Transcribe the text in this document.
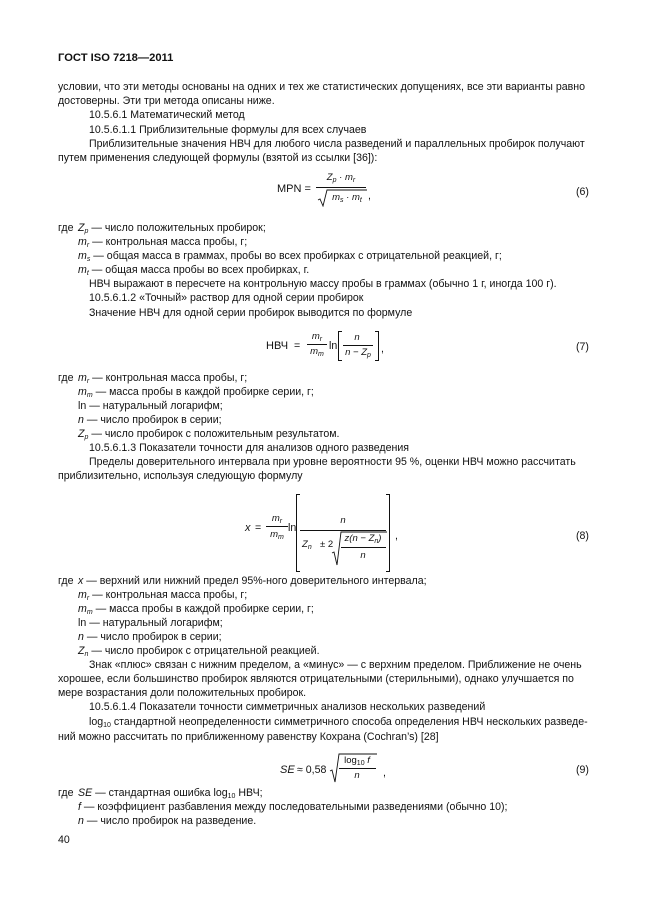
ГОСТ ISO 7218—2011
условии, что эти методы основаны на одних и тех же статистических допущениях, все эти варианты равно
достоверны. Эти три метода описаны ниже.
10.5.6.1 Математический метод
10.5.6.1.1 Приблизительные формулы для всех случаев
Приблизительные значения НВЧ для любого числа разведений и параллельных пробирок получают
путем применения следующей формулы (взятой из ссылки [36]):
MPN =
$Z_p \cdot m_r$
$m_s \cdot m_t$ ,	(6)
где $Z_p$ — число положительных пробирок;
$m_r$ — контрольная масса пробы, г;
$m_s$ — общая масса в граммах, пробы во всех пробирках с отрицательной реакцией, г;
$m_t$ — общая масса пробы во всех пробирках, г.
НВЧ выражают в пересчете на контрольную массу пробы в граммах (обычно 1 г, иногда 100 г).
10.5.6.1.2 «Точный» раствор для одной серии пробирок
Значение НВЧ для одной серии пробирок выводится по формуле
НВЧ =
$m_r$
$m_m$
ln
n
$n - Z_p$
,	(7)
где $m_r$ — контрольная масса пробы, г;
$m_m$ — масса пробы в каждой пробирке серии, г;
ln — натуральный логарифм;
n — число пробирок в серии;
$Z_p$ — число пробирок с положительным результатом.
10.5.6.1.3 Показатели точности для анализов одного разведения
Пределы доверительного интервала при уровне вероятности 95 %, оценки НВЧ можно рассчитать
приблизительно, используя следующую формулу
x =
$m_r$
$m_m$
ln
n
$Z_n \pm 2$
$z(n - Z_n)$
n
,	(8)
где x — верхний или нижний предел 95%-ного доверительного интервала;
$m_r$ — контрольная масса пробы, г;
$m_m$ — масса пробы в каждой пробирке серии, г;
ln — натуральный логарифм;
n — число пробирок в серии;
$Z_n$ — число пробирок с отрицательной реакцией.
Знак «плюс» связан с нижним пределом, а «минус» — с верхним пределом. Приближение не очень
хорошее, если большинство пробирок являются отрицательными (стерильными), однако улучшается по
мере возрастания доли положительных пробирок.
10.5.6.1.4 Показатели точности симметричных анализов нескольких разведений
$\log_{10}$ стандартной неопределенности симметричного способа определения НВЧ нескольких разведе-
ний можно рассчитать по приближенному равенству Кохрана (Cochran’s) [28]
SE ≈ 0,58
$\log_{10} f$
n	,	(9)
где SE — стандартная ошибка $\log_{10}$ НВЧ;
f — коэффициент разбавления между последовательными разведениями (обычно 10);
n — число пробирок на разведение.
40
